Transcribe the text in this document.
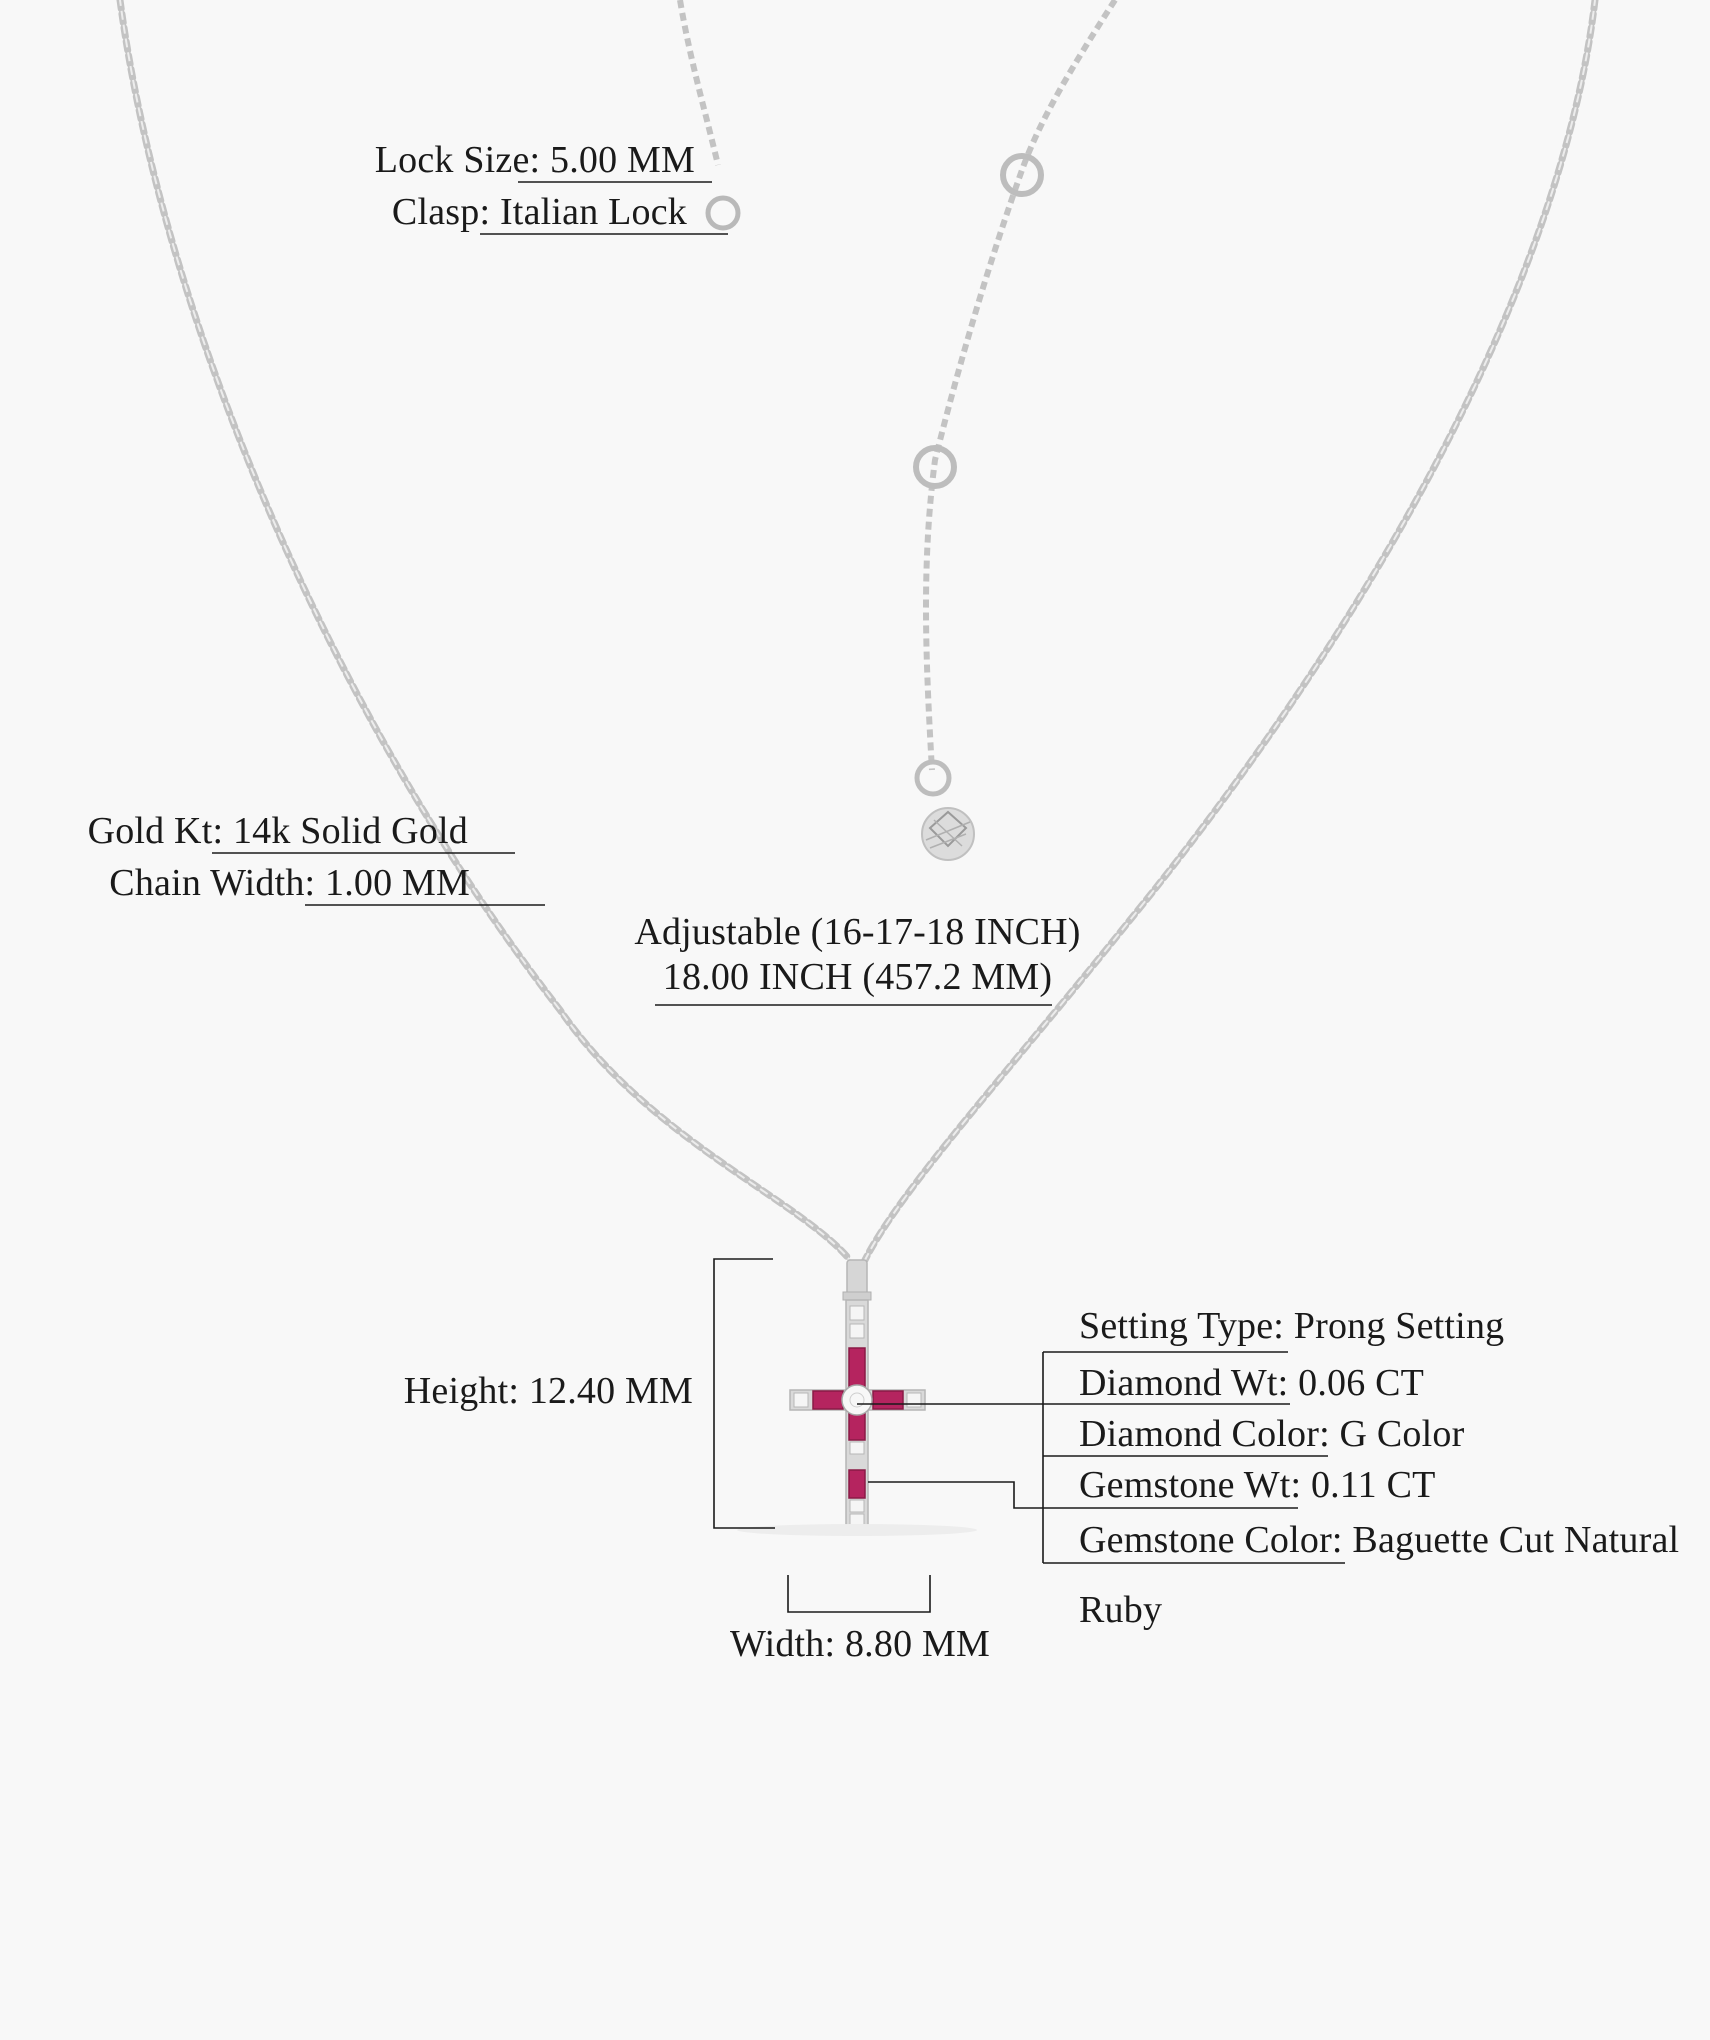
Lock Size: 5.00 MM
Clasp: Italian Lock
Gold Kt: 14k Solid Gold
Chain Width: 1.00 MM
Adjustable (16-17-18 INCH)
18.00 INCH (457.2 MM)
Height: 12.40 MM
Width: 8.80 MM
Setting Type: Prong Setting
Diamond Wt: 0.06 CT
Diamond Color: G Color
Gemstone Wt: 0.11 CT
Gemstone Color: Baguette Cut Natural
Ruby
